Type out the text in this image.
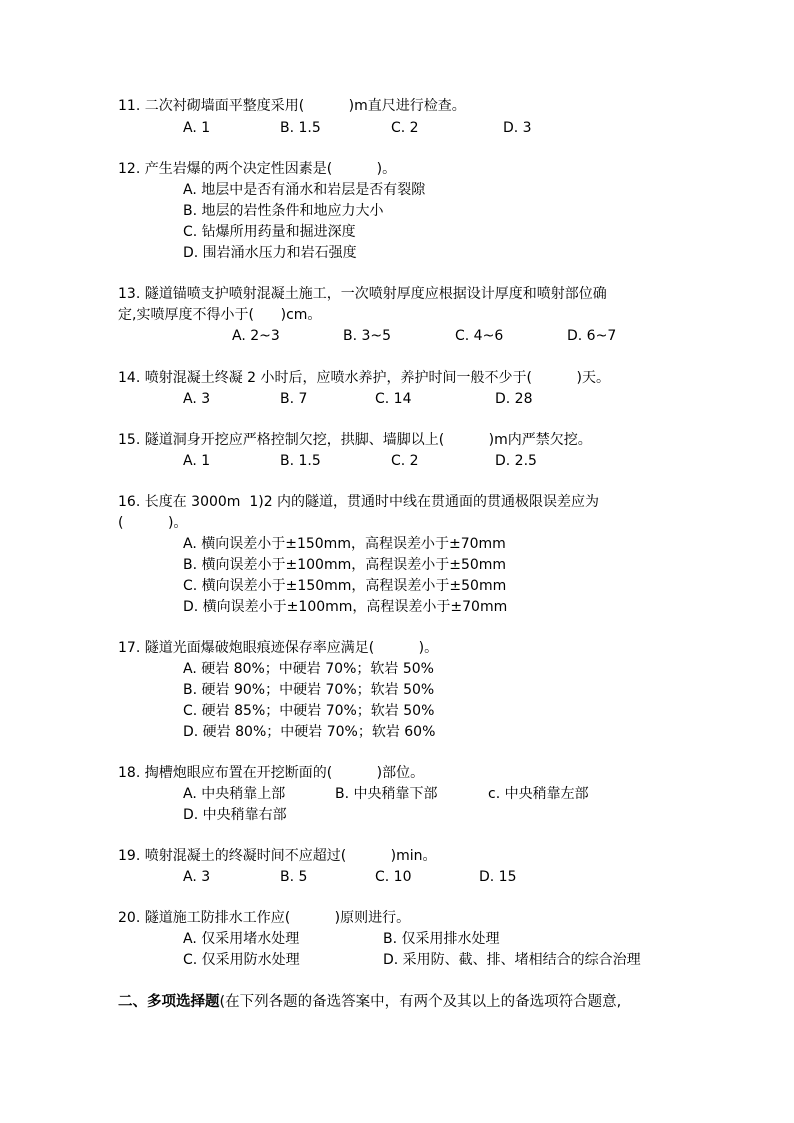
11. 二次衬砌墙面平整度采用(          )m直尺进行检查。
A. 1	B. 1.5	C. 2	D. 3
12. 产生岩爆的两个决定性因素是(          )。
A. 地层中是否有涌水和岩层是否有裂隙
B. 地层的岩性条件和地应力大小
C. 钻爆所用药量和掘进深度
D. 围岩涌水压力和岩石强度
13. 隧道锚喷支护喷射混凝土施工，一次喷射厚度应根据设计厚度和喷射部位确
定,实喷厚度不得小于(      )cm。
A. 2~3	B. 3~5	C. 4~6	D. 6~7
14. 喷射混凝土终凝 2 小时后，应喷水养护，养护时间一般不少于(          )天。
A. 3	B. 7	C. 14	D. 28
15. 隧道洞身开挖应严格控制欠挖，拱脚、墙脚以上(          )m内严禁欠挖。
A. 1	B. 1.5	C. 2	D. 2.5
16. 长度在 3000m  1)2 内的隧道，贯通时中线在贯通面的贯通极限误差应为
(          )。
A. 横向误差小于±150mm，高程误差小于±70mm
B. 横向误差小于±100mm，高程误差小于±50mm
C. 横向误差小于±150mm，高程误差小于±50mm
D. 横向误差小于±100mm，高程误差小于±70mm
17. 隧道光面爆破炮眼痕迹保存率应满足(          )。
A. 硬岩 80%；中硬岩 70%；软岩 50%
B. 硬岩 90%；中硬岩 70%；软岩 50%
C. 硬岩 85%；中硬岩 70%；软岩 50%
D. 硬岩 80%；中硬岩 70%；软岩 60%
18. 掏槽炮眼应布置在开挖断面的(          )部位。
A. 中央稍靠上部	B. 中央稍靠下部	c. 中央稍靠左部
D. 中央稍靠右部
19. 喷射混凝土的终凝时间不应超过(          )min。
A. 3	B. 5	C. 10	D. 15
20. 隧道施工防排水工作应(          )原则进行。
A. 仅采用堵水处理	B. 仅采用排水处理
C. 仅采用防水处理	D. 采用防、截、排、堵相结合的综合治理
二、多项选择题(在下列各题的备选答案中，有两个及其以上的备选项符合题意,
